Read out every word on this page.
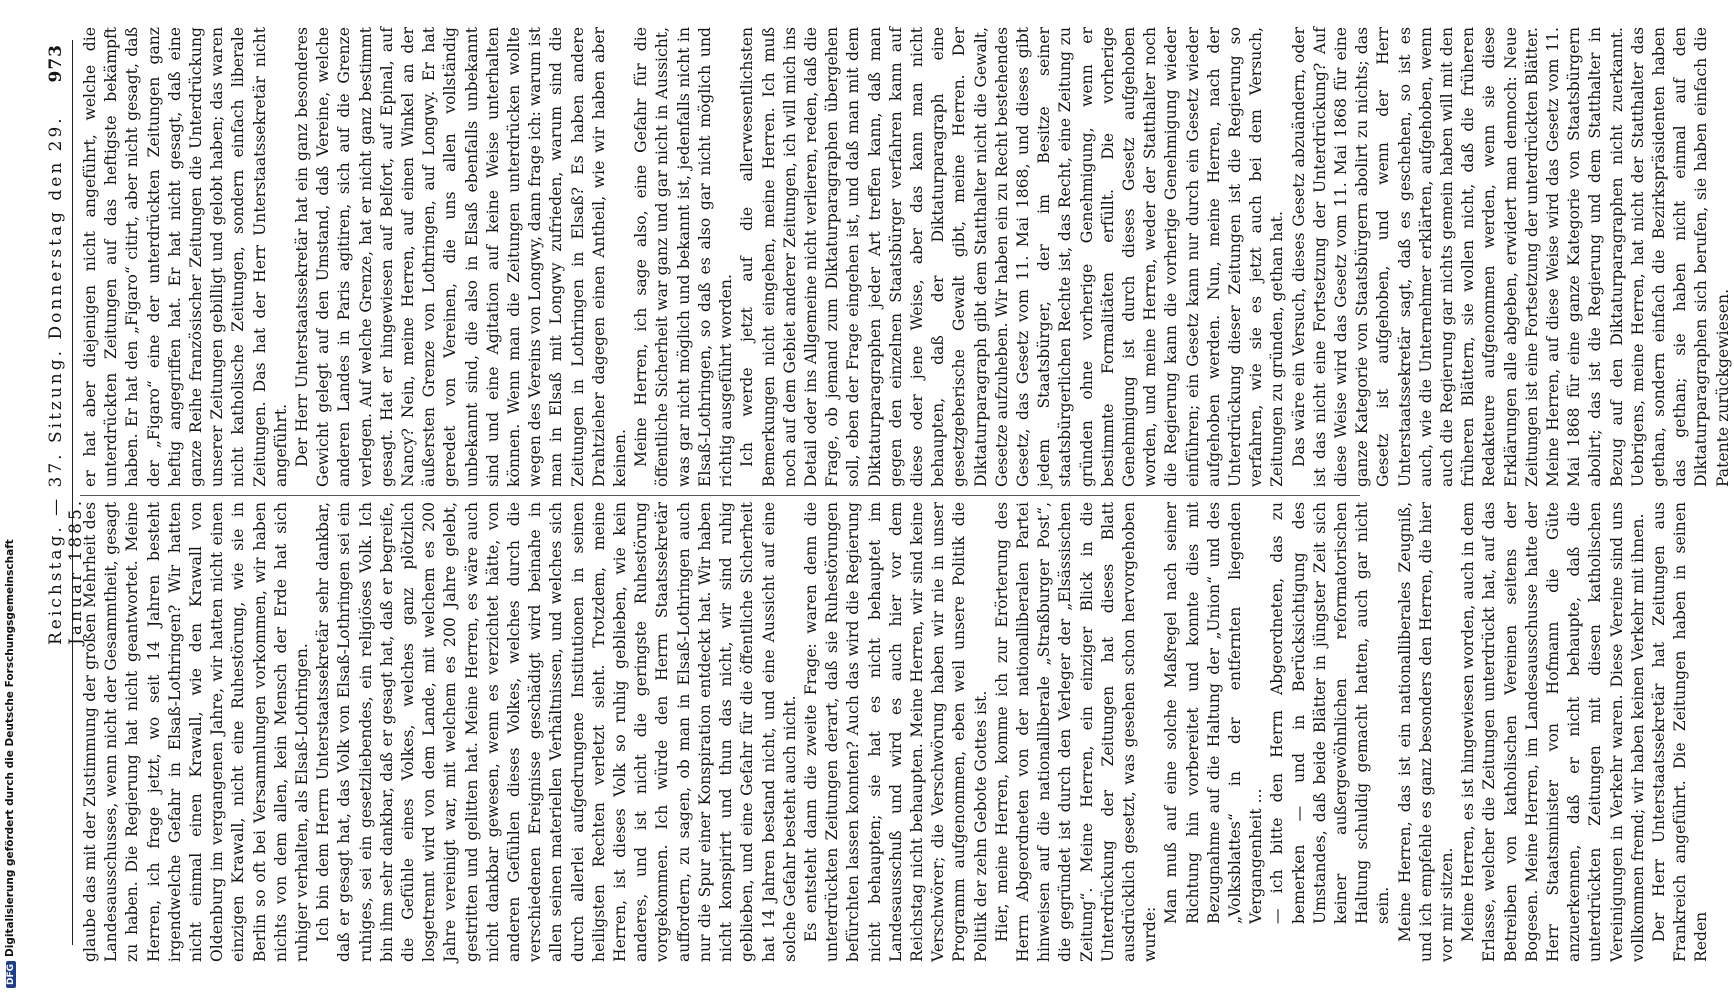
Reichstag. — 37. Sitzung. Donnerstag den 29. Januar 1885.
973

glaube das mit der Zustimmung der großen Mehrheit des Landesausschusses, wenn nicht der Gesammtheit, gesagt zu haben. Die Regierung hat nicht geantwortet. Meine Herren, ich frage jetzt, wo seit 14 Jahren besteht irgendwelche Gefahr in Elsaß-Lothringen? Wir hatten nicht einmal einen Krawall, wie den Krawall von Oldenburg im vergangenen Jahre, wir hatten nicht einen einzigen Krawall, nicht eine Ruhestörung, wie sie in Berlin so oft bei Versammlungen vorkommen, wir haben nichts von dem allen, kein Mensch der Erde hat sich ruhiger verhalten, als Elsaß-Lothringen. Ich bin dem Herrn Unterstaatssekretär sehr dankbar, daß er gesagt hat, das Volk von Elsaß-Lothringen sei ein ruhiges, sei ein gesetzliebendes, ein religiöses Volk. Ich bin ihm sehr dankbar, daß er gesagt hat, daß er begreife, die Gefühle eines Volkes, welches ganz plötzlich losgetrennt wird von dem Lande, mit welchem es 200 Jahre vereinigt war, mit welchem es 200 Jahre gelebt, gestritten und gelitten hat. Meine Herren, es wäre auch nicht dankbar gewesen, wenn es verzichtet hätte, von anderen Gefühlen dieses Volkes, welches durch die verschiedenen Ereignisse geschädigt wird beinahe in allen seinen materiellen Verhältnissen, und welches sich durch allerlei aufgedrungene Institutionen in seinen heiligsten Rechten verletzt sieht. Trotzdem, meine Herren, ist dieses Volk so ruhig geblieben, wie kein anderes, und ist nicht die geringste Ruhestörung vorgekommen. Ich würde den Herrn Staatssekretär auffordern, zu sagen, ob man in Elsaß-Lothringen auch nur die Spur einer Konspiration entdeckt hat. Wir haben nicht konspirirt und thun das nicht, wir sind ruhig geblieben, und eine Gefahr für die öffentliche Sicherheit hat 14 Jahren bestand nicht, und eine Aussicht auf eine solche Gefahr besteht auch nicht. Es entsteht dann die zweite Frage: waren denn die unterdrückten Zeitungen derart, daß sie Ruhestörungen befürchten lassen konnten? Auch das wird die Regierung nicht behaupten; sie hat es nicht behauptet im Landesausschuß und wird es auch hier vor dem Reichstag nicht behaupten. Meine Herren, wir sind keine Verschwörer; die Verschwörung haben wir nie in unser Programm aufgenommen, eben weil unsere Politik die Politik der zehn Gebote Gottes ist. Hier, meine Herren, komme ich zur Erörterung des Herrn Abgeordneten von der nationalliberalen Partei hinweisen auf die nationalliberale „Straßburger Post“, die gegründet ist durch den Verleger der „Elsässischen Zeitung“. Meine Herren, ein einziger Blick in die Unterdrückung der Zeitungen hat dieses Blatt ausdrücklich gesetzt, was gesehen schon hervorgehoben wurde:

Man muß auf eine solche Maßregel nach seiner Richtung hin vorbereitet und konnte dies mit Bezugnahme auf die Haltung der „Union“ und des „Volksblattes“ in der entfernten liegenden Vergangenheit ... — ich bitte den Herrn Abgeordneten, das zu bemerken — und in Berücksichtigung des Umstandes, daß beide Blätter in jüngster Zeit sich keiner außergewöhnlichen reformatorischen Haltung schuldig gemacht hatten, auch gar nicht sein. Meine Herren, das ist ein nationalliberales Zeugniß, und ich empfehle es ganz besonders den Herren, die hier vor mir sitzen. Meine Herren, es ist hingewiesen worden, auch in dem Erlasse, welcher die Zeitungen unterdrückt hat, auf das Betreiben von katholischen Vereinen seitens der Bogesen. Meine Herren, im Landesausschusse hatte der Herr Staatsminister von Hofmann die Güte anzuerkennen, daß er nicht behaupte, daß die unterdrückten Zeitungen mit diesen katholischen Vereinigungen in Verkehr waren. Diese Vereine sind uns vollkommen fremd; wir haben keinen Verkehr mit ihnen. Der Herr Unterstaatssekretär hat Zeitungen aus Frankreich angeführt. Die Zeitungen haben in seinen Reden

er hat aber diejenigen nicht angeführt, welche die unterdrückten Zeitungen auf das heftigste bekämpft haben. Er hat den „Figaro“ citirt, aber nicht gesagt, daß der „Figaro“ eine der unterdrückten Zeitungen ganz heftig angegriffen hat. Er hat nicht gesagt, daß eine ganze Reihe französischer Zeitungen die Unterdrückung unserer Zeitungen gebilligt und gelobt haben; das waren nicht katholische Zeitungen, sondern einfach liberale Zeitungen. Das hat der Herr Unterstaatssekretär nicht angeführt. Der Herr Unterstaatssekretär hat ein ganz besonderes Gewicht gelegt auf den Umstand, daß Vereine, welche anderen Landes in Paris agitiren, sich auf die Grenze verlegen. Auf welche Grenze, hat er nicht ganz bestimmt gesagt. Hat er hingewiesen auf Belfort, auf Epinal, auf Nancy? Nein, meine Herren, auf einen Winkel an der äußersten Grenze von Lothringen, auf Longwy. Er hat geredet von Vereinen, die uns allen vollständig unbekannt sind, die also in Elsaß ebenfalls unbekannt sind und eine Agitation auf keine Weise unterhalten können. Wenn man die Zeitungen unterdrücken wollte wegen des Vereins von Longwy, dann frage ich: warum ist man in Elsaß mit Longwy zufrieden, warum sind die Zeitungen in Lothringen in Elsaß? Es haben andere Drahtzieher dagegen einen Antheil, wie wir haben aber keinen. Meine Herren, ich sage also, eine Gefahr für die öffentliche Sicherheit war ganz und gar nicht in Aussicht, was gar nicht möglich und bekannt ist, jedenfalls nicht in Elsaß-Lothringen, so daß es also gar nicht möglich und richtig ausgeführt worden. Ich werde jetzt auf die allerwesentlichsten Bemerkungen nicht eingehen, meine Herren. Ich muß noch auf dem Gebiet anderer Zeitungen, ich will mich ins Detail oder ins Allgemeine nicht verlieren, reden, daß die Frage, ob jemand zum Diktaturparagraphen übergehen soll, eben der Frage eingehen ist, und daß man mit dem Diktaturparagraphen jeder Art treffen kann, daß man gegen den einzelnen Staatsbürger verfahren kann auf diese oder jene Weise, aber das kann man nicht behaupten, daß der Diktaturparagraph eine gesetzgeberische Gewalt gibt, meine Herren. Der Diktaturparagraph gibt dem Statthalter nicht die Gewalt, Gesetze aufzuheben. Wir haben ein zu Recht bestehendes Gesetz, das Gesetz vom 11. Mai 1868, und dieses gibt jedem Staatsbürger, der im Besitze seiner staatsbürgerlichen Rechte ist, das Recht, eine Zeitung zu gründen ohne vorherige Genehmigung, wenn er bestimmte Formalitäten erfüllt. Die vorherige Genehmigung ist durch dieses Gesetz aufgehoben worden, und meine Herren, weder der Statthalter noch die Regierung kann die vorherige Genehmigung wieder einführen; ein Gesetz kann nur durch ein Gesetz wieder aufgehoben werden. Nun, meine Herren, nach der Unterdrückung dieser Zeitungen ist die Regierung so verfahren, wie sie es jetzt auch bei dem Versuch, Zeitungen zu gründen, gethan hat. Das wäre ein Versuch, dieses Gesetz abzuändern, oder ist das nicht eine Fortsetzung der Unterdrückung? Auf diese Weise wird das Gesetz vom 11. Mai 1868 für eine ganze Kategorie von Staatsbürgern abolirt zu nichts; das Gesetz ist aufgehoben, und wenn der Herr Unterstaatssekretär sagt, daß es geschehen, so ist es auch, wie die Unternehmer erklärten, aufgehoben, wenn auch die Regierung gar nichts gemein haben will mit den früheren Blättern, sie wollen nicht, daß die früheren Redakteure aufgenommen werden, wenn sie diese Erklärungen alle abgeben, erwidert man dennoch: Neue Zeitungen ist eine Fortsetzung der unterdrückten Blätter. Meine Herren, auf diese Weise wird das Gesetz vom 11. Mai 1868 für eine ganze Kategorie von Staatsbürgern abolirt; das ist die Regierung und dem Statthalter in Bezug auf den Diktaturparagraphen nicht zuerkannt. Uebrigens, meine Herren, hat nicht der Statthalter das gethan, sondern einfach die Bezirkspräsidenten haben das gethan; sie haben nicht einmal auf den Diktaturparagraphen sich berufen, sie haben einfach die Patente zurückgewiesen.

DFGDigitalisierung gefördert durch die Deutsche Forschungsgemeinschaft
